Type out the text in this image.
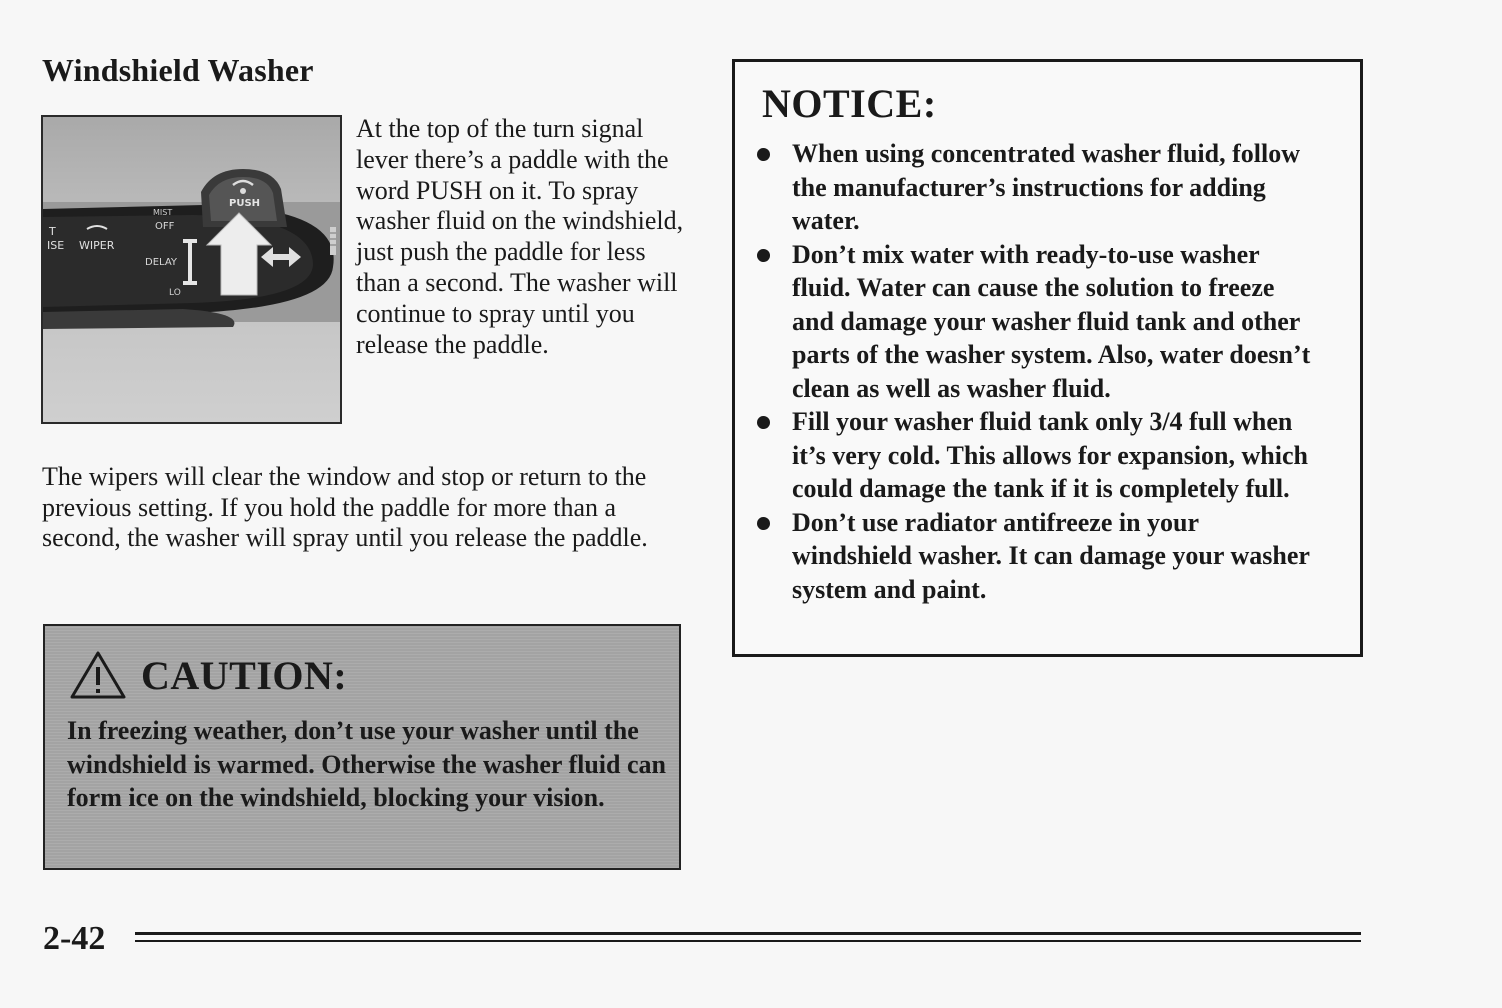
Windshield Washer
PUSH
T
ISE WIPER
OFF
DELAY
LO
MIST

At the top of the turn signal lever there’s a paddle with the word PUSH on it. To spray washer fluid on the windshield, just push the paddle for less than a second. The washer will continue to spray until you release the paddle.

The wipers will clear the window and stop or return to the previous setting. If you hold the paddle for more than a second, the washer will spray until you release the paddle.

CAUTION:

In freezing weather, don’t use your washer until the windshield is warmed. Otherwise the washer fluid can form ice on the windshield, blocking your vision.

NOTICE:
When using concentrated washer fluid, follow the manufacturer’s instructions for adding water.
Don’t mix water with ready-to-use washer fluid. Water can cause the solution to freeze and damage your washer fluid tank and other parts of the washer system. Also, water doesn’t clean as well as washer fluid.
Fill your washer fluid tank only 3/4 full when it’s very cold. This allows for expansion, which could damage the tank if it is completely full.
Don’t use radiator antifreeze in your windshield washer. It can damage your washer system and paint.
2-42
